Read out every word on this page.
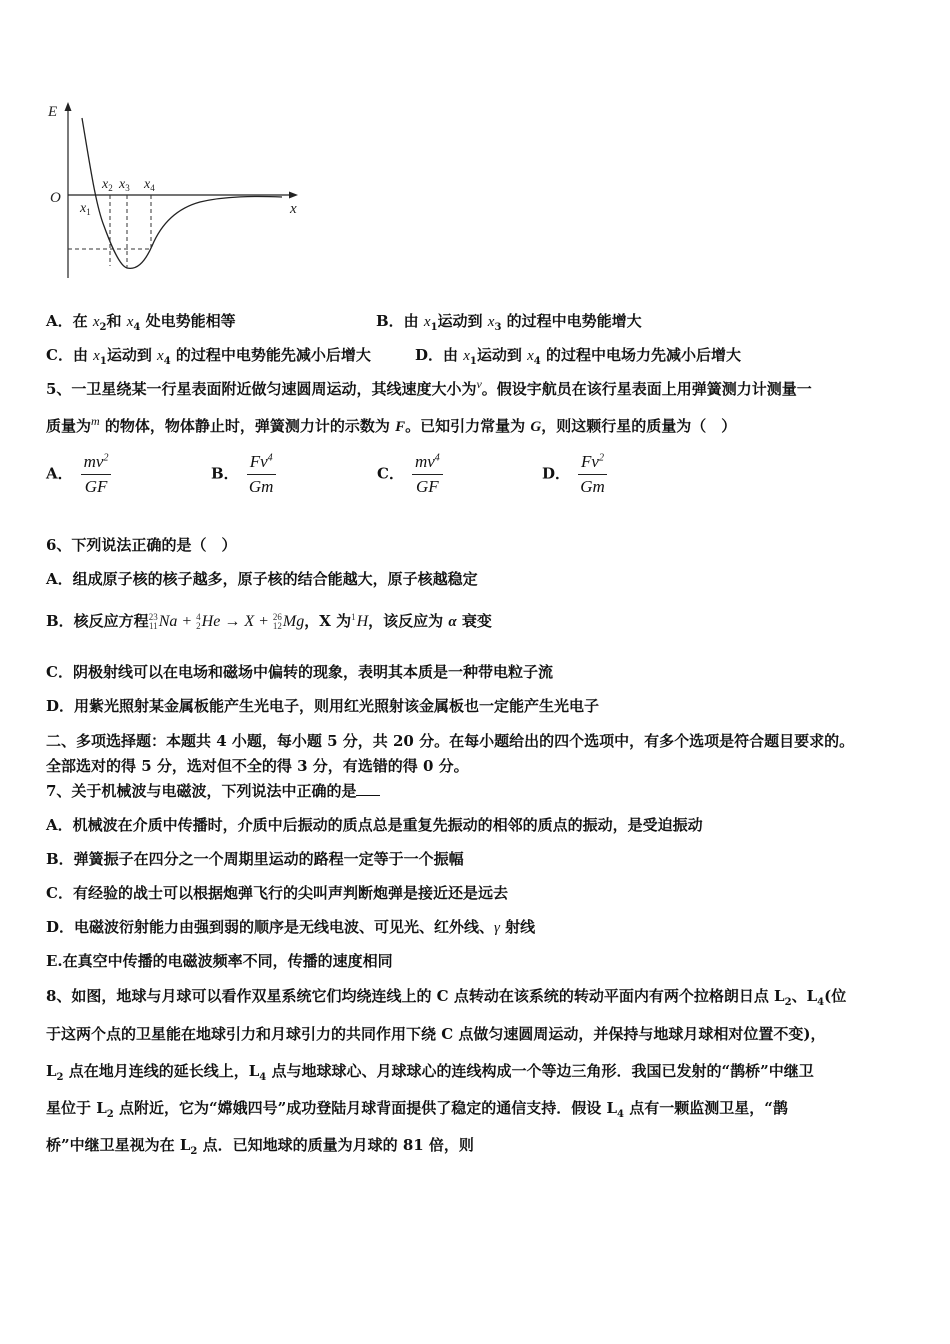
E
O
x
$x_1$
$x_2$ $x_3$ $x_4$
A．在 $x_2$和 $x_4$ 处电势能相等	B．由 $x_1$运动到 $x_3$ 的过程中电势能增大
C．由 $x_1$运动到 $x_4$ 的过程中电势能先减小后增大	D．由 $x_1$运动到 $x_4$ 的过程中电场力先减小后增大
5、一卫星绕某一行星表面附近做匀速圆周运动，其线速度大小为$^v$。假设宇航员在该行星表面上用弹簧测力计测量一
质量为$^m$ 的物体，物体静止时，弹簧测力计的示数为 F。已知引力常量为 G，则这颗行星的质量为（　）
A． $\frac{mv^2}{GF}$	B． $\frac{Fv^4}{Gm}$	C． $\frac{mv^4}{GF}$	D． $\frac{Fv^2}{Gm}$
6、下列说法正确的是（　）
A．组成原子核的核子越多，原子核的结合能越大，原子核越稳定
B．核反应方程23
11Na + 4
2He → X + 26
12Mg，X 为1
H，该反应为 α 衰变
C．阴极射线可以在电场和磁场中偏转的现象，表明其本质是一种带电粒子流
D．用紫光照射某金属板能产生光电子，则用红光照射该金属板也一定能产生光电子
二、多项选择题：本题共 4 小题，每小题 5 分，共 20 分。在每小题给出的四个选项中，有多个选项是符合题目要求的。
全部选对的得 5 分，选对但不全的得 3 分，有选错的得 0 分。
7、关于机械波与电磁波，下列说法中正确的是
A．机械波在介质中传播时，介质中后振动的质点总是重复先振动的相邻的质点的振动，是受迫振动
B．弹簧振子在四分之一个周期里运动的路程一定等于一个振幅
C．有经验的战士可以根据炮弹飞行的尖叫声判断炮弹是接近还是远去
D．电磁波衍射能力由强到弱的顺序是无线电波、可见光、红外线、γ 射线
E.在真空中传播的电磁波频率不同，传播的速度相同
8、如图，地球与月球可以看作双星系统它们均绕连线上的 C 点转动在该系统的转动平面内有两个拉格朗日点 $L_2$、$L_4$(位
于这两个点的卫星能在地球引力和月球引力的共同作用下绕 C 点做匀速圆周运动，并保持与地球月球相对位置不变)，
$L_2$ 点在地月连线的延长线上，$L_4$ 点与地球球心、月球球心的连线构成一个等边三角形．我国已发射的“鹊桥”中继卫
星位于 $L_2$ 点附近，它为“嫦娥四号”成功登陆月球背面提供了稳定的通信支持．假设 $L_4$ 点有一颗监测卫星，“鹊
桥”中继卫星视为在 $L_2$ 点．已知地球的质量为月球的 81 倍，则
